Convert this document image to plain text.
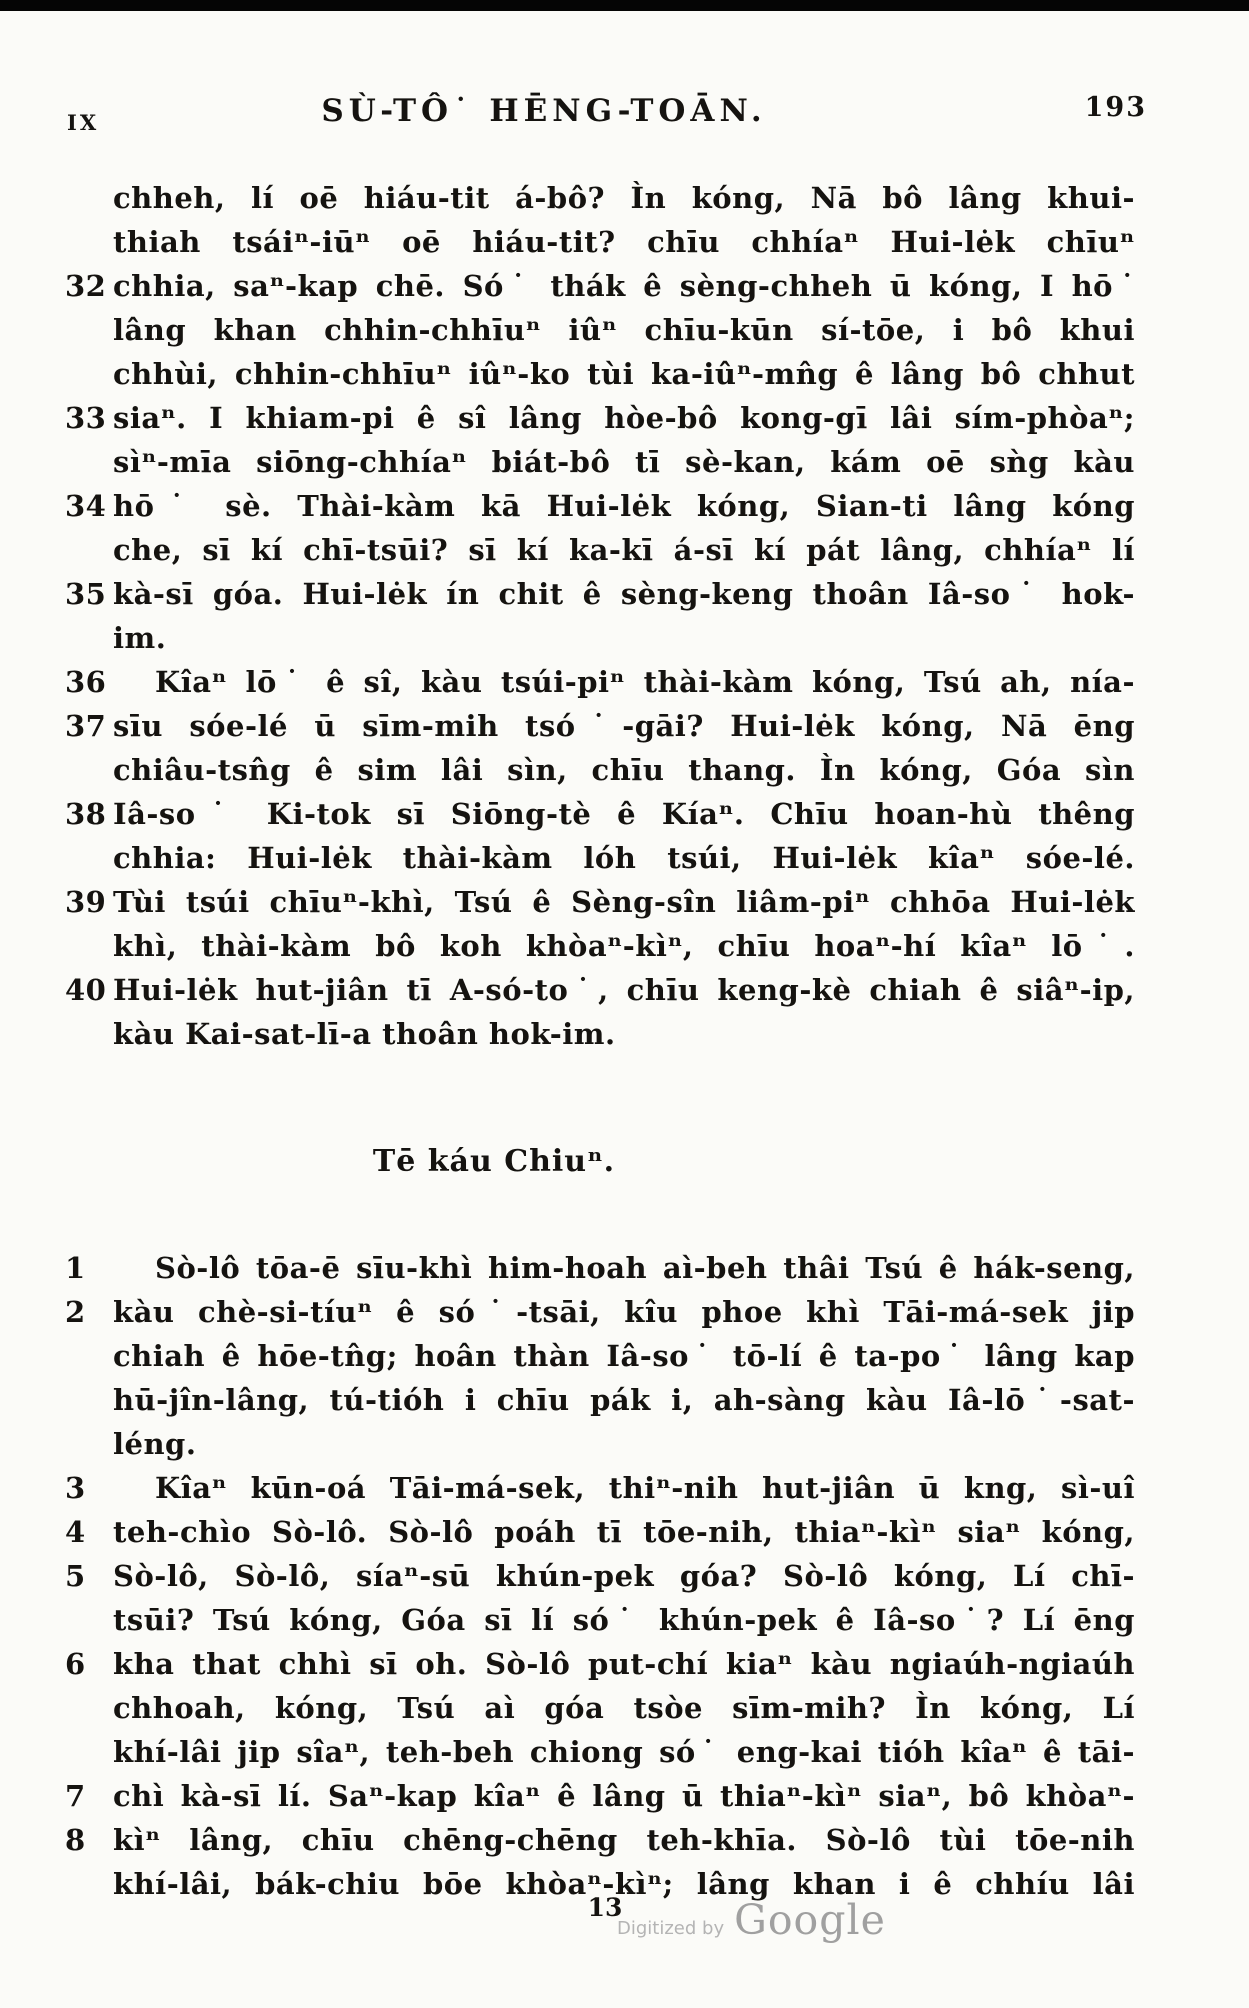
IX	SÙ-TÔ˙ HĒNG-TOĀN.	193
chheh, lí oē hiáu-tit á-bô? Ìn kóng, Nā bô lâng khui-
thiah tsáiⁿ-iūⁿ oē hiáu-tit? chīu chhíaⁿ Hui-lėk chīuⁿ
32 chhia, saⁿ-kap chē. Só˙ thák ê sèng-chheh ū kóng, I hō˙
lâng khan chhin-chhīuⁿ iûⁿ chīu-kūn sí-tōe, i bô khui
chhùi, chhin-chhīuⁿ iûⁿ-ko tùi ka-iûⁿ-mn̂g ê lâng bô chhut
33 siaⁿ. I khiam-pi ê sî lâng hòe-bô kong-gī lâi sím-phòaⁿ;
sìⁿ-mīa siōng-chhíaⁿ biát-bô tī sè-kan, kám oē sǹg kàu
34 hō˙ sè. Thài-kàm kā Hui-lėk kóng, Sian-ti lâng kóng
che, sī kí chī-tsūi? sī kí ka-kī á-sī kí pát lâng, chhíaⁿ lí
35 kà-sī góa. Hui-lėk ín chit ê sèng-keng thoân Iâ-so˙ hok-
im.
36 Kîaⁿ lō˙ ê sî, kàu tsúi-piⁿ thài-kàm kóng, Tsú ah, nía-
37 sīu sóe-lé ū sīm-mih tsó˙-gāi? Hui-lėk kóng, Nā ēng
chiâu-tsn̂g ê sim lâi sìn, chīu thang. Ìn kóng, Góa sìn
38 Iâ-so˙ Ki-tok sī Siōng-tè ê Kíaⁿ. Chīu hoan-hù thêng
chhia: Hui-lėk thài-kàm lóh tsúi, Hui-lėk kîaⁿ sóe-lé.
39 Tùi tsúi chīuⁿ-khì, Tsú ê Sèng-sîn liâm-piⁿ chhōa Hui-lėk
khì, thài-kàm bô koh khòaⁿ-kìⁿ, chīu hoaⁿ-hí kîaⁿ lō˙.
40 Hui-lėk hut-jiân tī A-só-to˙, chīu keng-kè chiah ê siâⁿ-ip,
kàu Kai-sat-lī-a thoân hok-im.
Tē káu Chiuⁿ.
1	Sò-lô tōa-ē sīu-khì him-hoah aì-beh thâi Tsú ê hák-seng,
2 kàu chè-si-tíuⁿ ê só˙-tsāi, kîu phoe khì Tāi-má-sek jip
chiah ê hōe-tn̂g; hoân thàn Iâ-so˙ tō-lí ê ta-po˙ lâng kap
hū-jîn-lâng, tú-tióh i chīu pák i, ah-sàng kàu Iâ-lō˙-sat-
léng.
3	Kîaⁿ kūn-oá Tāi-má-sek, thiⁿ-nih hut-jiân ū kng, sì-uî
4 teh-chìo Sò-lô. Sò-lô poáh tī tōe-nih, thiaⁿ-kìⁿ siaⁿ kóng,
5 Sò-lô, Sò-lô, síaⁿ-sū khún-pek góa? Sò-lô kóng, Lí chī-
tsūi? Tsú kóng, Góa sī lí só˙ khún-pek ê Iâ-so˙? Lí ēng
6 kha that chhì sī oh. Sò-lô put-chí kiaⁿ kàu ngiaúh-ngiaúh
chhoah, kóng, Tsú aì góa tsòe sīm-mih? Ìn kóng, Lí
khí-lâi jip sîaⁿ, teh-beh chiong só˙ eng-kai tióh kîaⁿ ê tāi-
7 chì kà-sī lí. Saⁿ-kap kîaⁿ ê lâng ū thiaⁿ-kìⁿ siaⁿ, bô khòaⁿ-
8 kìⁿ lâng, chīu chēng-chēng teh-khīa. Sò-lô tùi tōe-nih
khí-lâi, bák-chiu bōe khòaⁿ-kìⁿ; lâng khan i ê chhíu lâi
13
Digitized by Google
